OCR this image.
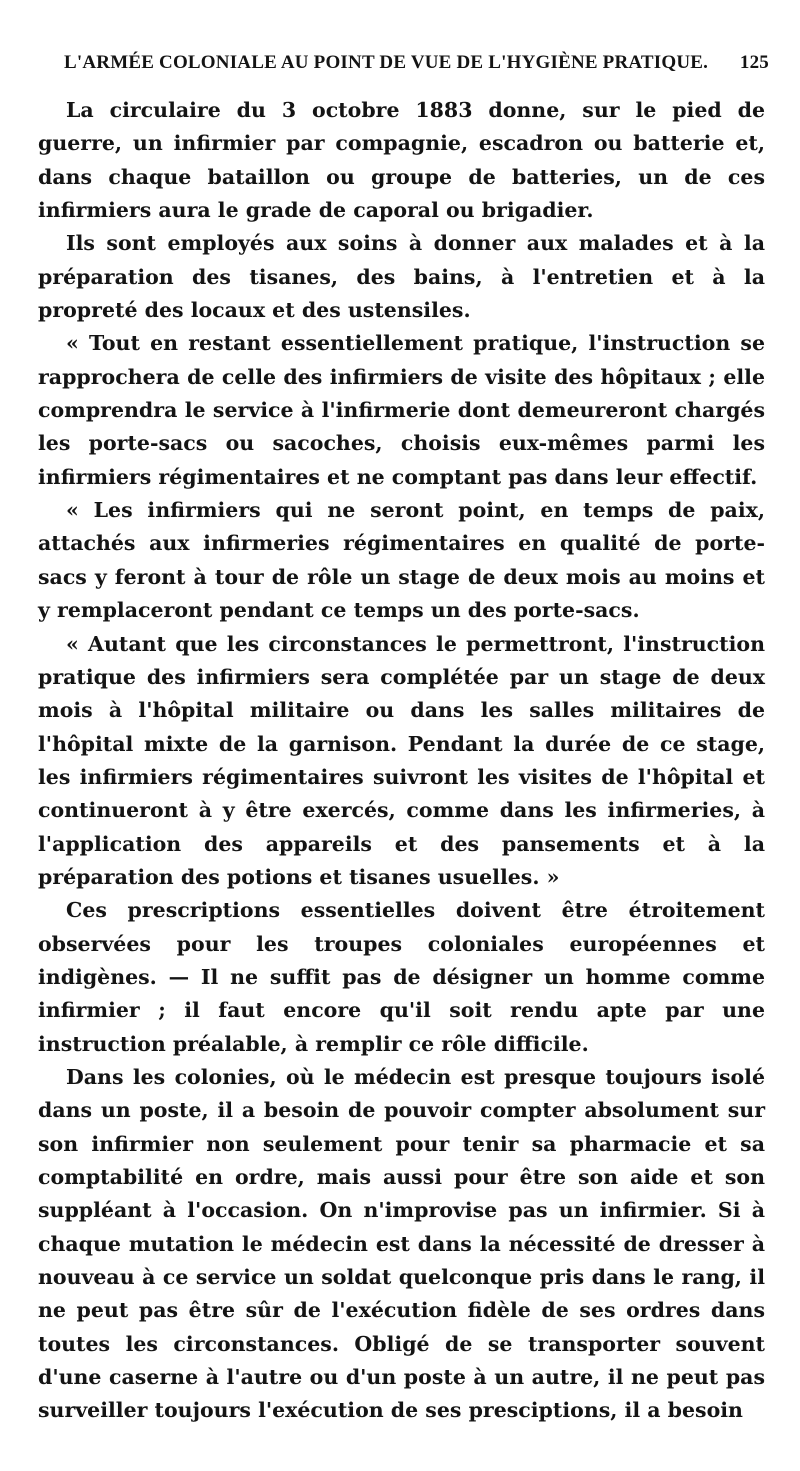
L'ARMÉE COLONIALE AU POINT DE VUE DE L'HYGIÈNE PRATIQUE. 125

La circulaire du 3 octobre 1883 donne, sur le pied de guerre, un infirmier par compagnie, escadron ou batterie et, dans chaque bataillon ou groupe de batteries, un de ces infirmiers aura le grade de caporal ou brigadier.

Ils sont employés aux soins à donner aux malades et à la préparation des tisanes, des bains, à l'entretien et à la propreté des locaux et des ustensiles.

« Tout en restant essentiellement pratique, l'instruction se rapprochera de celle des infirmiers de visite des hôpitaux ; elle comprendra le service à l'infirmerie dont demeureront chargés les porte-sacs ou sacoches, choisis eux-mêmes parmi les infirmiers régimentaires et ne comptant pas dans leur effectif.

« Les infirmiers qui ne seront point, en temps de paix, attachés aux infirmeries régimentaires en qualité de porte-sacs y feront à tour de rôle un stage de deux mois au moins et y remplaceront pendant ce temps un des porte-sacs.

« Autant que les circonstances le permettront, l'instruction pratique des infirmiers sera complétée par un stage de deux mois à l'hôpital militaire ou dans les salles militaires de l'hôpital mixte de la garnison. Pendant la durée de ce stage, les infirmiers régimentaires suivront les visites de l'hôpital et continueront à y être exercés, comme dans les infirmeries, à l'application des appareils et des pansements et à la préparation des potions et tisanes usuelles. »

Ces prescriptions essentielles doivent être étroitement observées pour les troupes coloniales européennes et indigènes. — Il ne suffit pas de désigner un homme comme infirmier ; il faut encore qu'il soit rendu apte par une instruction préalable, à remplir ce rôle difficile.

Dans les colonies, où le médecin est presque toujours isolé dans un poste, il a besoin de pouvoir compter absolument sur son infirmier non seulement pour tenir sa pharmacie et sa comptabilité en ordre, mais aussi pour être son aide et son suppléant à l'occasion. On n'improvise pas un infirmier. Si à chaque mutation le médecin est dans la nécessité de dresser à nouveau à ce service un soldat quelconque pris dans le rang, il ne peut pas être sûr de l'exécution fidèle de ses ordres dans toutes les circonstances. Obligé de se transporter souvent d'une caserne à l'autre ou d'un poste à un autre, il ne peut pas surveiller toujours l'exécution de ses presciptions, il a besoin
